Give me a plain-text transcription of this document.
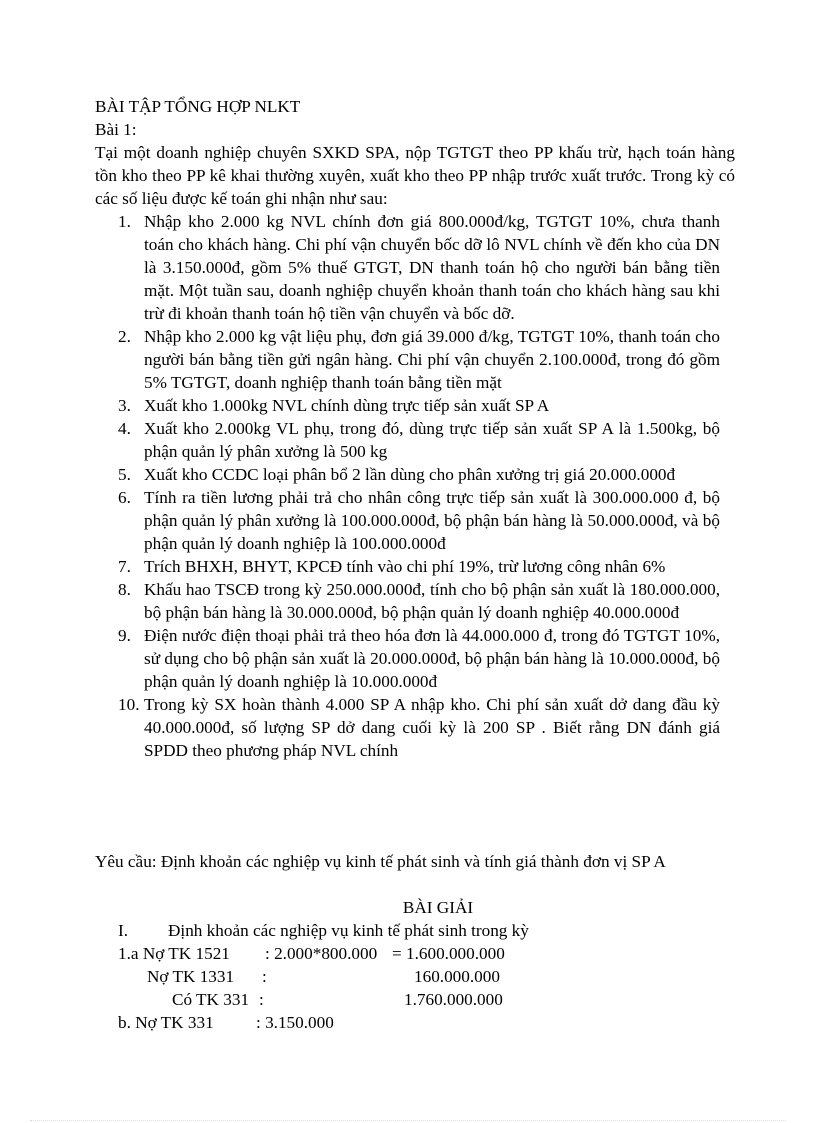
BÀI TẬP TỔNG HỢP NLKT
Bài 1:
Tại một doanh nghiệp chuyên SXKD SPA, nộp TGTGT theo PP khấu trừ, hạch toán hàng tồn kho theo PP kê khai thường xuyên, xuất kho theo PP nhập trước xuất trước. Trong kỳ có các số liệu được kế toán ghi nhận như sau:
1. Nhập kho 2.000 kg NVL chính đơn giá 800.000đ/kg, TGTGT 10%, chưa thanh toán cho khách hàng. Chi phí vận chuyển bốc dỡ lô NVL chính về đến kho của DN là 3.150.000đ, gồm 5% thuế GTGT, DN thanh toán hộ cho người bán bằng tiền mặt. Một tuần sau, doanh nghiệp chuyển khoản thanh toán cho khách hàng sau khi trừ đi khoản thanh toán hộ tiền vận chuyển và bốc dỡ.
2. Nhập kho 2.000 kg vật liệu phụ, đơn giá 39.000 đ/kg, TGTGT 10%, thanh toán cho người bán bằng tiền gửi ngân hàng. Chi phí vận chuyển 2.100.000đ, trong đó gồm 5% TGTGT, doanh nghiệp thanh toán bằng tiền mặt
3. Xuất kho 1.000kg NVL chính dùng trực tiếp sản xuất SP A
4. Xuất kho 2.000kg VL phụ, trong đó, dùng trực tiếp sản xuất SP A là 1.500kg, bộ phận quản lý phân xưởng là 500 kg
5. Xuất kho CCDC loại phân bổ 2 lần dùng cho phân xưởng trị giá 20.000.000đ
6. Tính ra tiền lương phải trả cho nhân công trực tiếp sản xuất là 300.000.000 đ, bộ phận quản lý phân xưởng là 100.000.000đ, bộ phận bán hàng là 50.000.000đ, và bộ phận quản lý doanh nghiệp là 100.000.000đ
7. Trích BHXH, BHYT, KPCĐ tính vào chi phí 19%, trừ lương công nhân 6%
8. Khấu hao TSCĐ trong kỳ 250.000.000đ, tính cho bộ phận sản xuất là 180.000.000, bộ phận bán hàng là 30.000.000đ, bộ phận quản lý doanh nghiệp 40.000.000đ
9. Điện nước điện thoại phải trả theo hóa đơn là 44.000.000 đ, trong đó TGTGT 10%, sử dụng cho bộ phận sản xuất là 20.000.000đ, bộ phận bán hàng là 10.000.000đ, bộ phận quản lý doanh nghiệp là 10.000.000đ
10. Trong kỳ SX hoàn thành 4.000 SP A nhập kho. Chi phí sản xuất dở dang đầu kỳ 40.000.000đ, số lượng SP dở dang cuối kỳ là 200 SP . Biết rằng DN đánh giá SPDD theo phương pháp NVL chính
Yêu cầu: Định khoản các nghiệp vụ kinh tế phát sinh và tính giá thành đơn vị SP A
BÀI GIẢI
I. Định khoản các nghiệp vụ kinh tế phát sinh trong kỳ
1.a Nợ TK 1521 : 2.000*800.000 = 1.600.000.000
Nợ TK 1331 :	160.000.000
Có TK 331 :	1.760.000.000
b. Nợ TK 331 : 3.150.000
